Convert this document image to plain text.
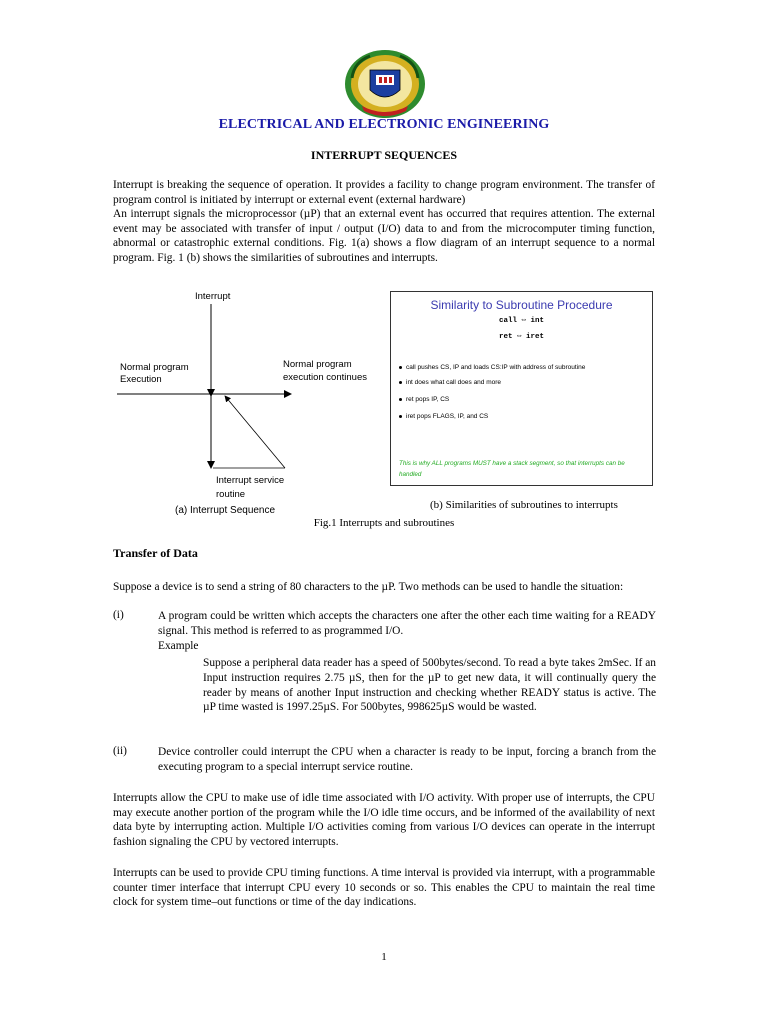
ELECTRICAL AND ELECTRONIC ENGINEERING
INTERRUPT SEQUENCES

Interrupt is breaking the sequence of operation. It provides a facility to change program environment. The transfer of program control is initiated by interrupt or external event (external hardware)

An interrupt signals the microprocessor (µP) that an external event has occurred that requires attention. The external event may be associated with transfer of input / output (I/O) data to and from the microcomputer timing function, abnormal or catastrophic external conditions. Fig. 1(a) shows a flow diagram of an interrupt sequence to a normal program. Fig. 1 (b) shows the similarities of subroutines and interrupts.

Interrupt
Normal program
Execution
Normal program
execution continues
Interrupt service
routine
(a) Interrupt Sequence
Similarity to Subroutine Procedure
call ⇔ int
ret ⇔ iret
call pushes CS, IP and loads CS:IP with address of subroutine
int does what call does and more
ret pops IP, CS
iret pops FLAGS, IP, and CS
This is why ALL programs MUST have a stack segment, so that interrupts can be handled
(b) Similarities of subroutines to interrupts
Fig.1 Interrupts and subroutines
Transfer of Data

Suppose a device is to send a string of 80 characters to the µP. Two methods can be used to handle the situation:

(i)	A program could be written which accepts the characters one after the other each time waiting for a READY signal. This method is referred to as programmed I/O.

Example

Suppose a peripheral data reader has a speed of 500bytes/second. To read a byte takes 2mSec. If an Input instruction requires 2.75 µS, then for the µP to get new data, it will continually query the reader by means of another Input instruction and checking whether READY status is active. The µP time wasted is 1997.25µS. For 500bytes, 998625µS would be wasted.

(ii)	Device controller could interrupt the CPU when a character is ready to be input, forcing a branch from the executing program to a special interrupt service routine.

Interrupts allow the CPU to make use of idle time associated with I/O activity. With proper use of interrupts, the CPU may execute another portion of the program while the I/O idle time occurs, and be informed of the availability of next data byte by interrupting action. Multiple I/O activities coming from various I/O devices can operate in the interrupt fashion signaling the CPU by vectored interrupts.

Interrupts can be used to provide CPU timing functions. A time interval is provided via interrupt, with a programmable counter timer interface that interrupt CPU every 10 seconds or so. This enables the CPU to maintain the real time clock for system time–out functions or time of the day indications.

1
